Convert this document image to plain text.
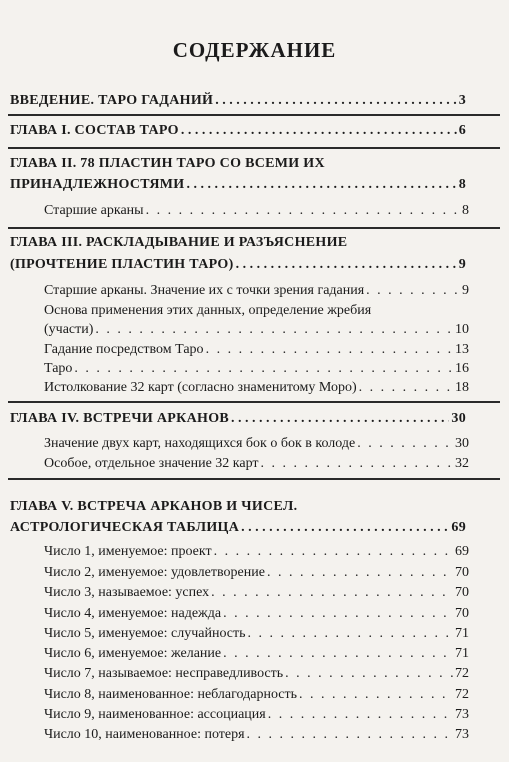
СОДЕРЖАНИЕ
ВВЕДЕНИЕ. ТАРО ГАДАНИЙ . . .	3
ГЛАВА I. СОСТАВ ТАРО . . .	6
ГЛАВА II. 78 ПЛАСТИН ТАРО СО ВСЕМИ ИХ
ПРИНАДЛЕЖНОСТЯМИ . . .	8
Старшие арканы . . .	8
ГЛАВА III. РАСКЛАДЫВАНИЕ И РАЗЪЯСНЕНИЕ
(ПРОЧТЕНИЕ ПЛАСТИН ТАРО) . . .	9
Старшие арканы. Значение их с точки зрения гадания . . .	9
Основа применения этих данных, определение жребия
(участи) . . .	10
Гадание посредством Таро . . .	13
Таро . . .	16
Истолкование 32 карт (согласно знаменитому Моро) . . .	18
ГЛАВА IV. ВСТРЕЧИ АРКАНОВ . . .	30
Значение двух карт, находящихся бок о бок в колоде . . .	30
Особое, отдельное значение 32 карт . . .	32
ГЛАВА V. ВСТРЕЧА АРКАНОВ И ЧИСЕЛ.
АСТРОЛОГИЧЕСКАЯ ТАБЛИЦА . . .	69
Число 1, именуемое: проект . . .	69
Число 2, именуемое: удовлетворение . . .	70
Число 3, называемое: успех . . .	70
Число 4, именуемое: надежда . . .	70
Число 5, именуемое: случайность . . .	71
Число 6, именуемое: желание . . .	71
Число 7, называемое: несправедливость . . .	72
Число 8, наименованное: неблагодарность . . .	72
Число 9, наименованное: ассоциация . . .	73
Число 10, наименованное: потеря . . .	73
